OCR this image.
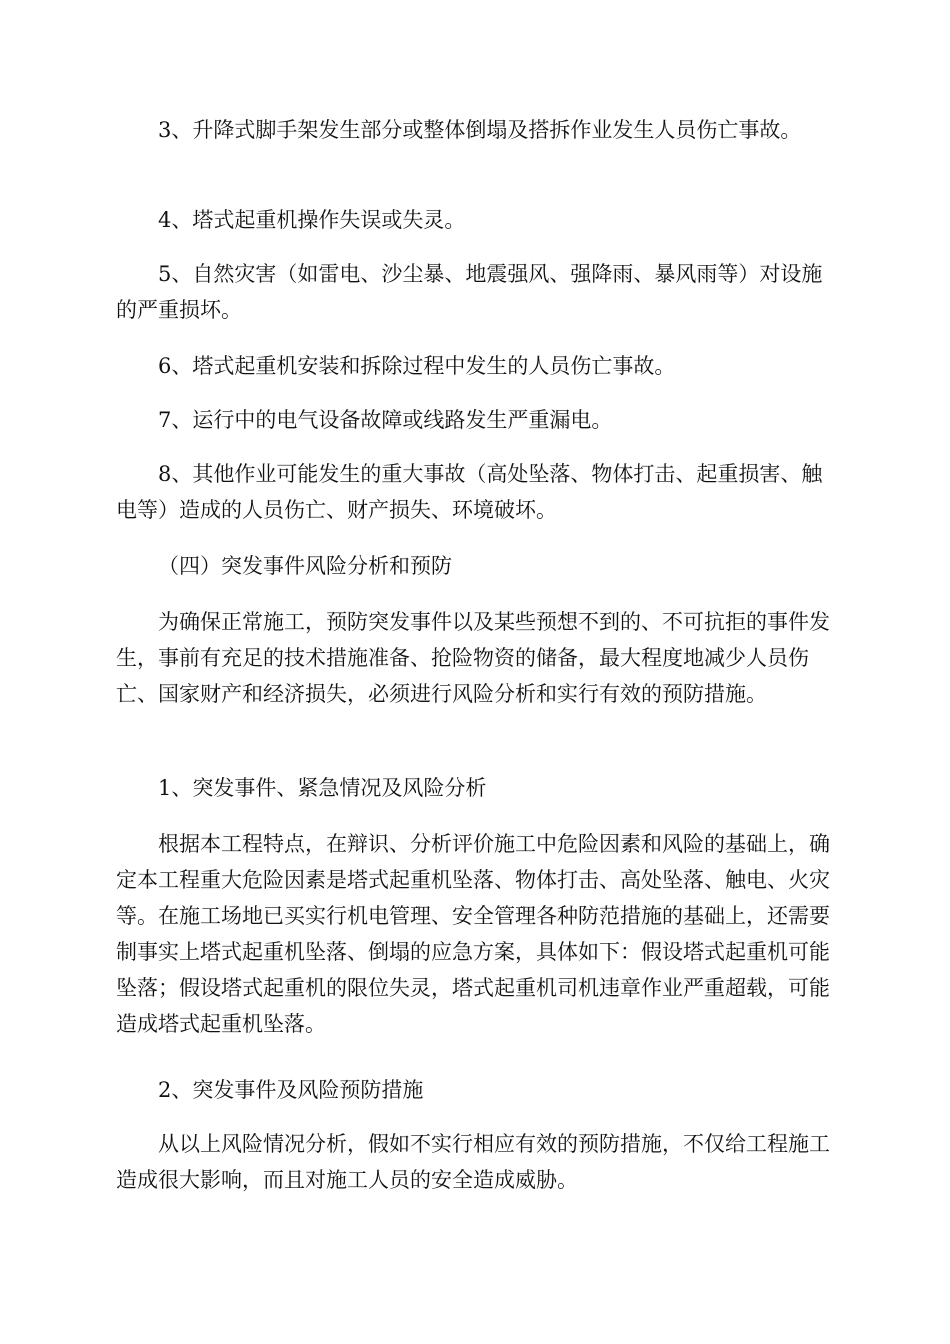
3、升降式脚手架发生部分或整体倒塌及搭拆作业发生人员伤亡事故。

4、塔式起重机操作失误或失灵。

5、自然灾害（如雷电、沙尘暴、地震强风、强降雨、暴风雨等）对设施的严重损坏。

6、塔式起重机安装和拆除过程中发生的人员伤亡事故。

7、运行中的电气设备故障或线路发生严重漏电。

8、其他作业可能发生的重大事故（高处坠落、物体打击、起重损害、触电等）造成的人员伤亡、财产损失、环境破坏。

（四）突发事件风险分析和预防

为确保正常施工，预防突发事件以及某些预想不到的、不可抗拒的事件发生，事前有充足的技术措施准备、抢险物资的储备，最大程度地减少人员伤亡、国家财产和经济损失，必须进行风险分析和实行有效的预防措施。

1、突发事件、紧急情况及风险分析

根据本工程特点，在辩识、分析评价施工中危险因素和风险的基础上，确定本工程重大危险因素是塔式起重机坠落、物体打击、高处坠落、触电、火灾等。在施工场地已买实行机电管理、安全管理各种防范措施的基础上，还需要制事实上塔式起重机坠落、倒塌的应急方案，具体如下：假设塔式起重机可能坠落；假设塔式起重机的限位失灵，塔式起重机司机违章作业严重超载，可能造成塔式起重机坠落。

2、突发事件及风险预防措施

从以上风险情况分析，假如不实行相应有效的预防措施，不仅给工程施工造成很大影响，而且对施工人员的安全造成威胁。
